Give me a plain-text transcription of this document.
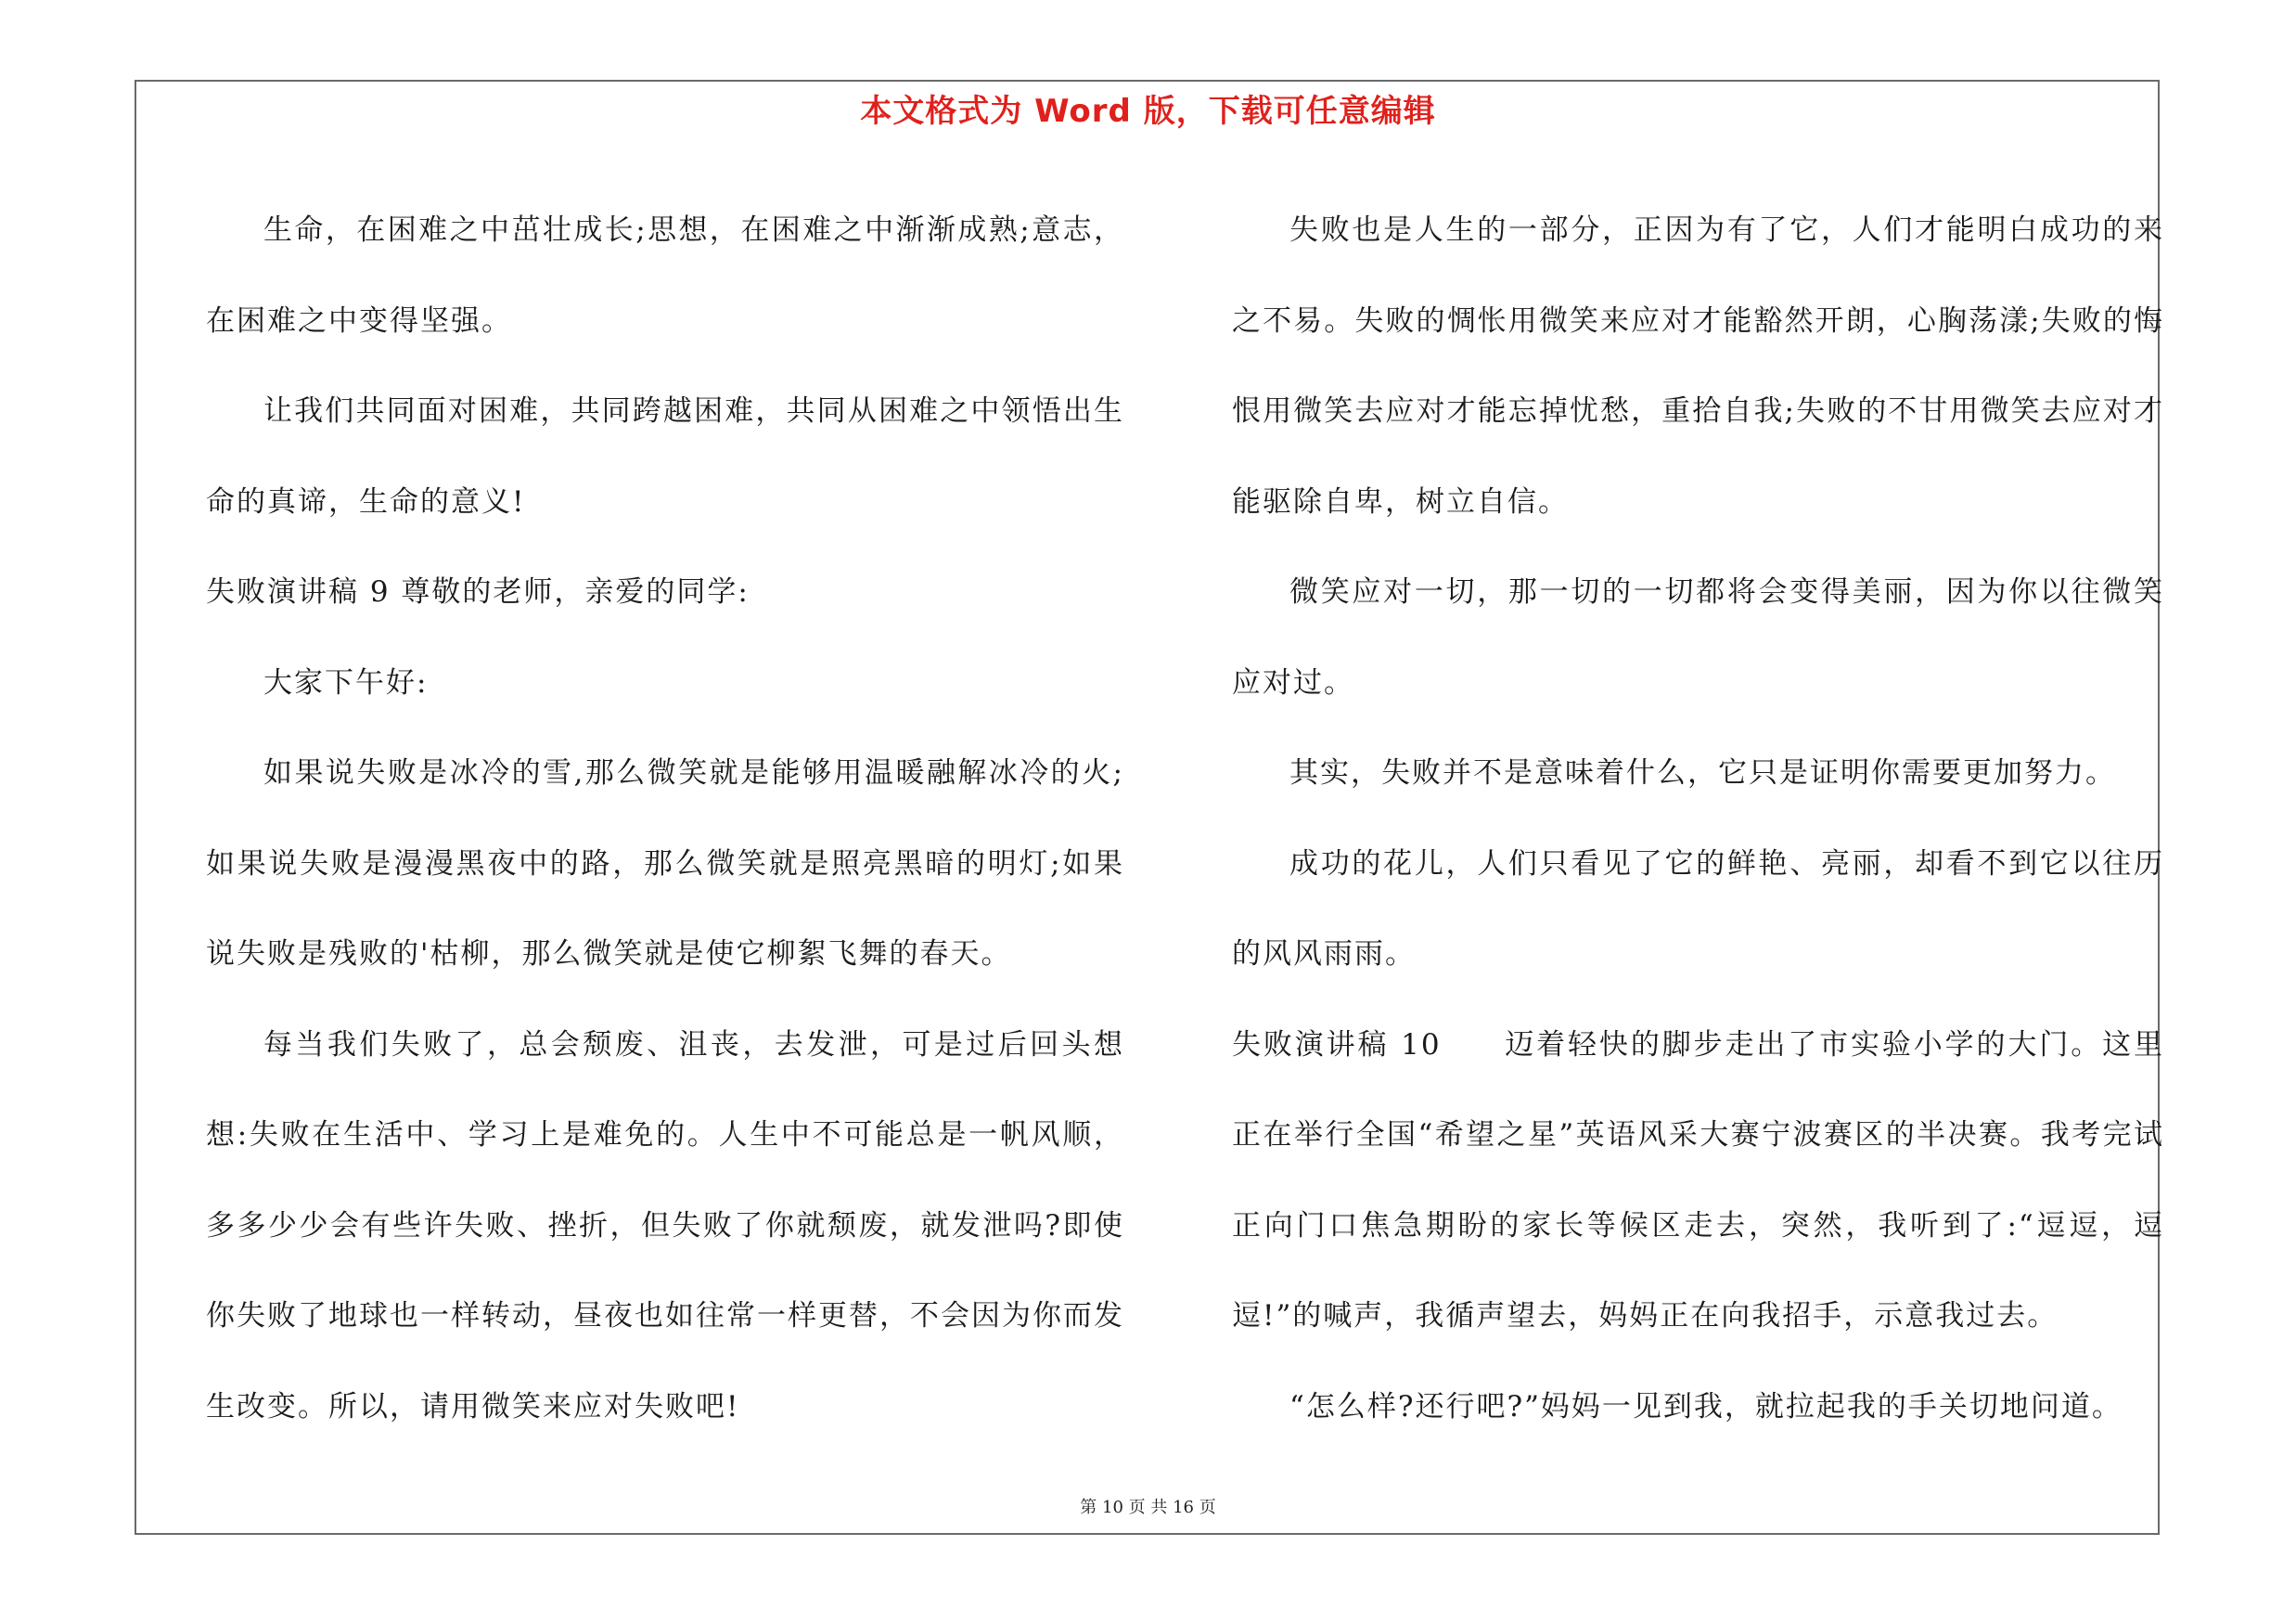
本文格式为 Word 版，下载可任意编辑

生命，在困难之中茁壮成长;思想，在困难之中渐渐成熟;意志，在困难之中变得坚强。

让我们共同面对困难，共同跨越困难，共同从困难之中领悟出生命的真谛，生命的意义!

失败演讲稿 9 尊敬的老师，亲爱的同学:

大家下午好:

如果说失败是冰冷的雪,那么微笑就是能够用温暖融解冰冷的火;如果说失败是漫漫黑夜中的路，那么微笑就是照亮黑暗的明灯;如果说失败是残败的'枯柳，那么微笑就是使它柳絮飞舞的春天。

每当我们失败了，总会颓废、沮丧，去发泄，可是过后回头想想:失败在生活中、学习上是难免的。人生中不可能总是一帆风顺，多多少少会有些许失败、挫折，但失败了你就颓废，就发泄吗?即使你失败了地球也一样转动，昼夜也如往常一样更替，不会因为你而发生改变。所以，请用微笑来应对失败吧!

失败也是人生的一部分，正因为有了它，人们才能明白成功的来之不易。失败的惆怅用微笑来应对才能豁然开朗，心胸荡漾;失败的悔恨用微笑去应对才能忘掉忧愁，重拾自我;失败的不甘用微笑去应对才能驱除自卑，树立自信。

微笑应对一切，那一切的一切都将会变得美丽，因为你以往微笑应对过。

其实，失败并不是意味着什么，它只是证明你需要更加努力。

成功的花儿，人们只看见了它的鲜艳、亮丽，却看不到它以往历的风风雨雨。

失败演讲稿 10　　迈着轻快的脚步走出了市实验小学的大门。这里正在举行全国“希望之星”英语风采大赛宁波赛区的半决赛。我考完试正向门口焦急期盼的家长等候区走去，突然，我听到了:“逗逗，逗逗!”的喊声，我循声望去，妈妈正在向我招手，示意我过去。

“怎么样?还行吧?”妈妈一见到我，就拉起我的手关切地问道。

第 10 页 共 16 页
